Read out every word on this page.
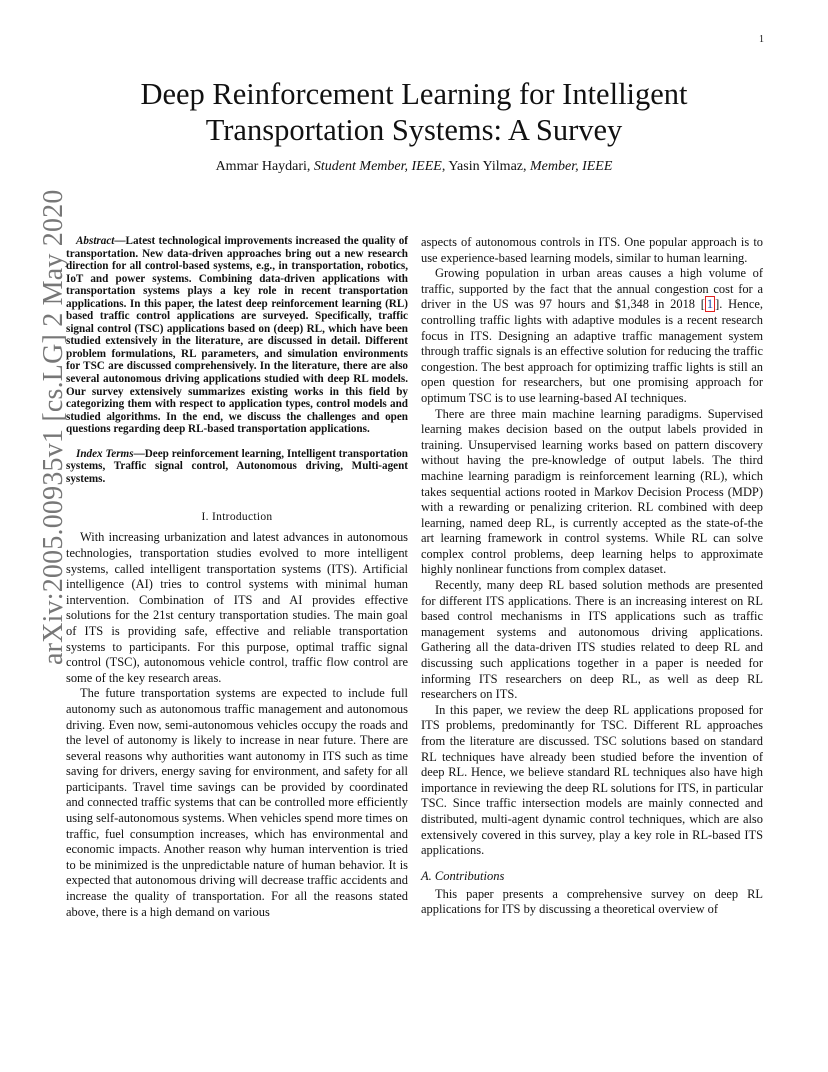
1
arXiv:2005.00935v1 [cs.LG] 2 May 2020
Deep Reinforcement Learning for Intelligent
Transportation Systems: A Survey
Ammar Haydari, Student Member, IEEE, Yasin Yilmaz, Member, IEEE

Abstract—Latest technological improvements increased the quality of transportation. New data-driven approaches bring out a new research direction for all control-based systems, e.g., in transportation, robotics, IoT and power systems. Combining data-driven applications with transportation systems plays a key role in recent transportation applications. In this paper, the latest deep reinforcement learning (RL) based traffic control applications are surveyed. Specifically, traffic signal control (TSC) applications based on (deep) RL, which have been studied extensively in the literature, are discussed in detail. Different problem formulations, RL parameters, and simulation environments for TSC are discussed comprehensively. In the literature, there are also several autonomous driving applications studied with deep RL models. Our survey extensively summarizes existing works in this field by categorizing them with respect to application types, control models and studied algorithms. In the end, we discuss the challenges and open questions regarding deep RL-based transportation applications.

Index Terms—Deep reinforcement learning, Intelligent transportation systems, Traffic signal control, Autonomous driving, Multi-agent systems.

I. Introduction

With increasing urbanization and latest advances in autonomous technologies, transportation studies evolved to more intelligent systems, called intelligent transportation systems (ITS). Artificial intelligence (AI) tries to control systems with minimal human intervention. Combination of ITS and AI provides effective solutions for the 21st century transportation studies. The main goal of ITS is providing safe, effective and reliable transportation systems to participants. For this purpose, optimal traffic signal control (TSC), autonomous vehicle control, traffic flow control are some of the key research areas.

The future transportation systems are expected to include full autonomy such as autonomous traffic management and autonomous driving. Even now, semi-autonomous vehicles occupy the roads and the level of autonomy is likely to increase in near future. There are several reasons why authorities want autonomy in ITS such as time saving for drivers, energy saving for environment, and safety for all participants. Travel time savings can be provided by coordinated and connected traffic systems that can be controlled more efficiently using self-autonomous systems. When vehicles spend more times on traffic, fuel consumption increases, which has environmental and economic impacts. Another reason why human intervention is tried to be minimized is the unpredictable nature of human behavior. It is expected that autonomous driving will decrease traffic accidents and increase the quality of transportation. For all the reasons stated above, there is a high demand on various

aspects of autonomous controls in ITS. One popular approach is to use experience-based learning models, similar to human learning.

Growing population in urban areas causes a high volume of traffic, supported by the fact that the annual congestion cost for a driver in the US was 97 hours and $1,348 in 2018 [ 1 ]. Hence, controlling traffic lights with adaptive modules is a recent research focus in ITS. Designing an adaptive traffic management system through traffic signals is an effective solution for reducing the traffic congestion. The best approach for optimizing traffic lights is still an open question for researchers, but one promising approach for optimum TSC is to use learning-based AI techniques.

There are three main machine learning paradigms. Supervised learning makes decision based on the output labels provided in training. Unsupervised learning works based on pattern discovery without having the pre-knowledge of output labels. The third machine learning paradigm is reinforcement learning (RL), which takes sequential actions rooted in Markov Decision Process (MDP) with a rewarding or penalizing criterion. RL combined with deep learning, named deep RL, is currently accepted as the state-of-the art learning framework in control systems. While RL can solve complex control problems, deep learning helps to approximate highly nonlinear functions from complex dataset.

Recently, many deep RL based solution methods are presented for different ITS applications. There is an increasing interest on RL based control mechanisms in ITS applications such as traffic management systems and autonomous driving applications. Gathering all the data-driven ITS studies related to deep RL and discussing such applications together in a paper is needed for informing ITS researchers on deep RL, as well as deep RL researchers on ITS.

In this paper, we review the deep RL applications proposed for ITS problems, predominantly for TSC. Different RL approaches from the literature are discussed. TSC solutions based on standard RL techniques have already been studied before the invention of deep RL. Hence, we believe standard RL techniques also have high importance in reviewing the deep RL solutions for ITS, in particular TSC. Since traffic intersection models are mainly connected and distributed, multi-agent dynamic control techniques, which are also extensively covered in this survey, play a key role in RL-based ITS applications.

A. Contributions

This paper presents a comprehensive survey on deep RL applications for ITS by discussing a theoretical overview of
